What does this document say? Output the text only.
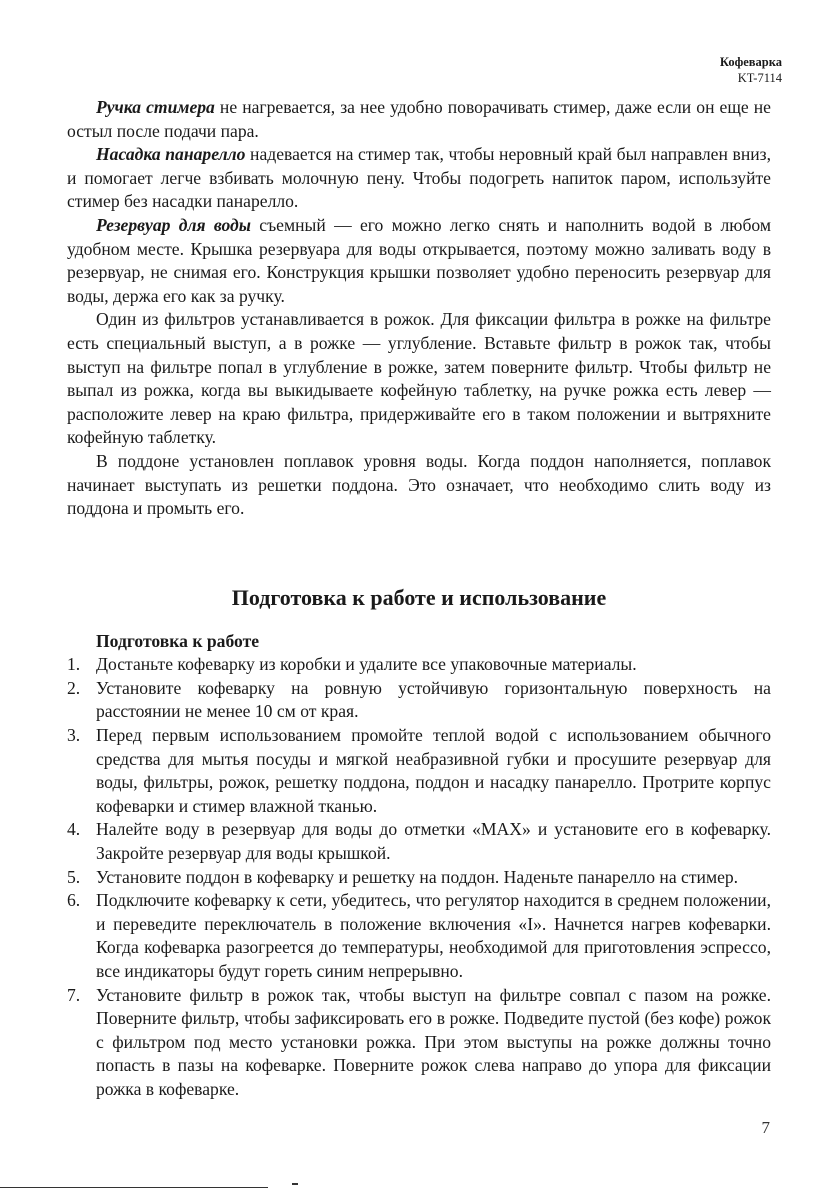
Кофеварка
KT-7114

Ручка стимера не нагревается, за нее удобно поворачивать стимер, даже если он еще не остыл после подачи пара.

Насадка панарелло надевается на стимер так, чтобы неровный край был направлен вниз, и помогает легче взбивать молочную пену. Чтобы подогреть напиток паром, используйте стимер без насадки панарелло.

Резервуар для воды съемный — его можно легко снять и наполнить водой в любом удобном месте. Крышка резервуара для воды открывается, поэтому можно заливать воду в резервуар, не снимая его. Конструкция крышки позволяет удобно переносить резервуар для воды, держа его как за ручку.

Один из фильтров устанавливается в рожок. Для фиксации фильтра в рожке на фильтре есть специальный выступ, а в рожке — углубление. Вставьте фильтр в рожок так, чтобы выступ на фильтре попал в углубление в рожке, затем поверните фильтр. Чтобы фильтр не выпал из рожка, когда вы выкидываете кофейную таблетку, на ручке рожка есть левер — расположите левер на краю фильтра, придерживайте его в таком положении и вытряхните кофейную таблетку.

В поддоне установлен поплавок уровня воды. Когда поддон наполняется, поплавок начинает выступать из решетки поддона. Это означает, что необходимо слить воду из поддона и промыть его.

Подготовка к работе и использование
Подготовка к работе
1. Достаньте кофеварку из коробки и удалите все упаковочные материалы.
2. Установите кофеварку на ровную устойчивую горизонтальную поверхность на расстоянии не менее 10 см от края.
3. Перед первым использованием промойте теплой водой с использованием обычного средства для мытья посуды и мягкой неабразивной губки и просушите резервуар для воды, фильтры, рожок, решетку поддона, поддон и насадку панарелло. Протрите корпус кофеварки и стимер влажной тканью.
4. Налейте воду в резервуар для воды до отметки «MAX» и установите его в кофеварку. Закройте резервуар для воды крышкой.
5. Установите поддон в кофеварку и решетку на поддон. Наденьте панарелло на стимер.
6. Подключите кофеварку к сети, убедитесь, что регулятор находится в среднем положении, и переведите переключатель в положение включения «I». Начнется нагрев кофеварки. Когда кофеварка разогреется до температуры, необходимой для приготовления эспрессо, все индикаторы будут гореть синим непрерывно.
7. Установите фильтр в рожок так, чтобы выступ на фильтре совпал с пазом на рожке. Поверните фильтр, чтобы зафиксировать его в рожке. Подведите пустой (без кофе) рожок с фильтром под место установки рожка. При этом выступы на рожке должны точно попасть в пазы на кофеварке. Поверните рожок слева направо до упора для фиксации рожка в кофеварке.
7
